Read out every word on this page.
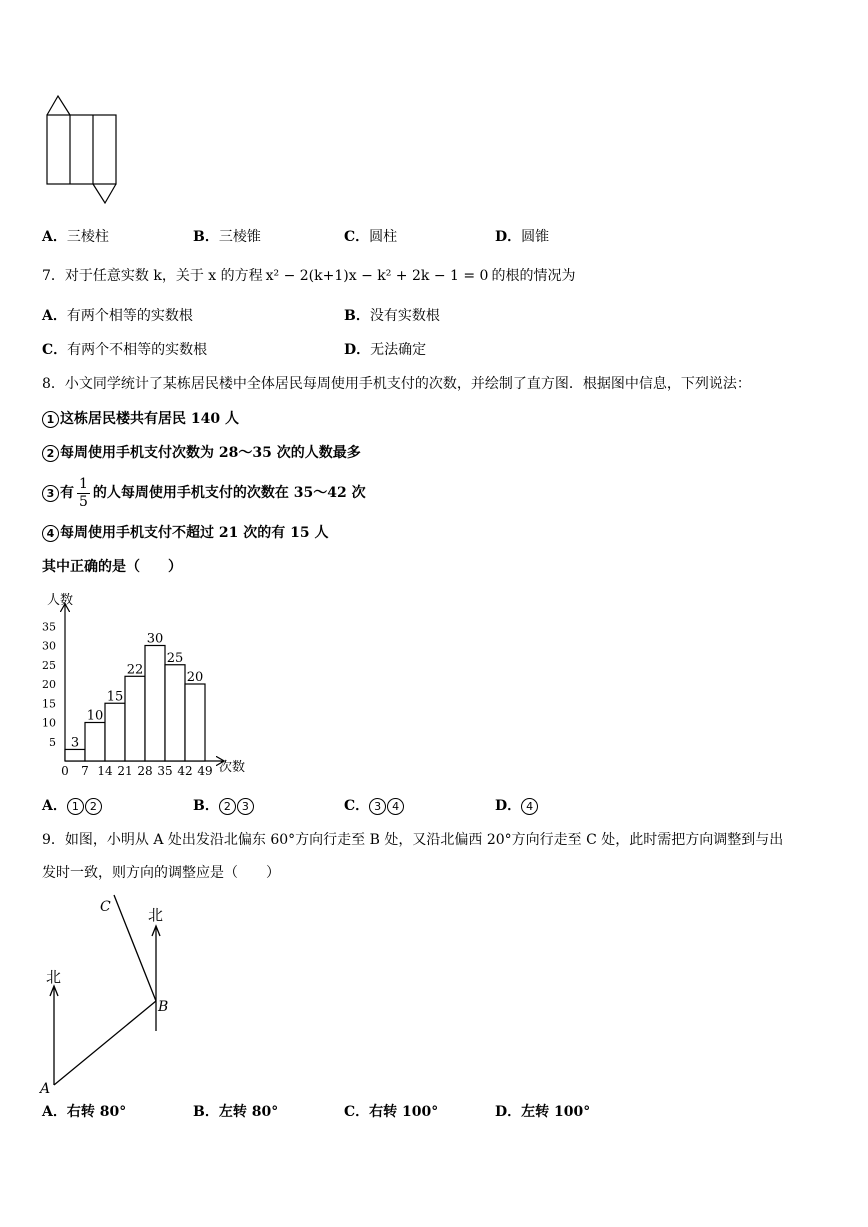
A．三棱柱	B．三棱锥	C．圆柱	D．圆锥
7．对于任意实数 k，关于 x 的方程 x² − 2(k+1)x − k² + 2k − 1 = 0 的根的情况为
A．有两个相等的实数根	B．没有实数根
C．有两个不相等的实数根	D．无法确定
8．小文同学统计了某栋居民楼中全体居民每周使用手机支付的次数，并绘制了直方图．根据图中信息，下列说法：
1 这栋居民楼共有居民 140 人
2 每周使用手机支付次数为 28～35 次的人数最多
3 有 $\frac{1}{5}$ 的人每周使用手机支付的次数在 35～42 次
4 每周使用手机支付不超过 21 次的有 15 人
其中正确的是（　　）
人数
次数
3
10
15
22
30
25
20
0 7 14 21 28 35 42 49
5
10
15
20
25
30
35
A． 1 2	B． 2 3	C． 3 4	D． 4
9．如图，小明从 A 处出发沿北偏东 60°方向行走至 B 处，又沿北偏西 20°方向行走至 C 处，此时需把方向调整到与出
发时一致，则方向的调整应是（　　）
北
北
A
B
C
A．右转 80°	B．左转 80°	C．右转 100°	D．左转 100°
